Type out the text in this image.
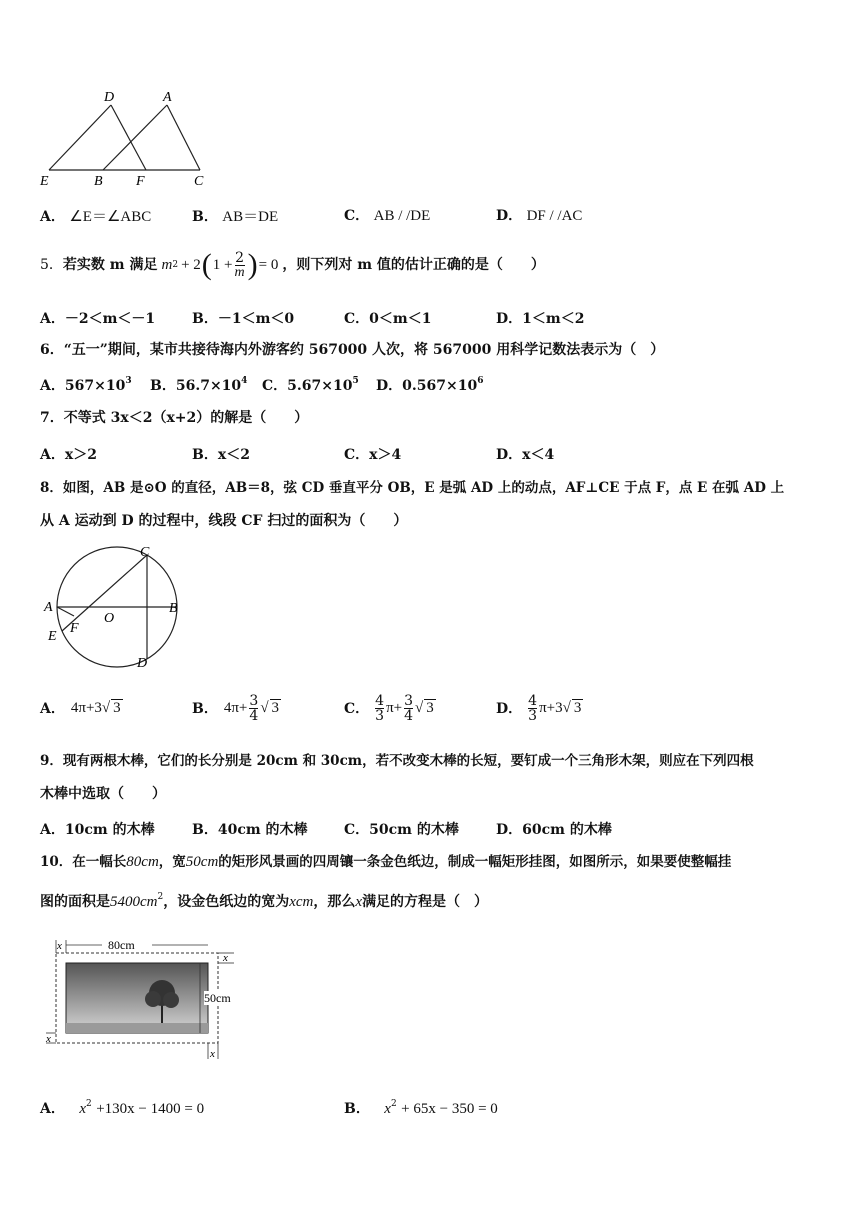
D	A
E	B F	C
A． ∠E＝∠ABC	B． AB＝DE	C． AB / /DE	D． DF / /AC
5． 若实数 m 满足 m 2 + 2 ( $1 + \frac{2}{m}$ ) = 0 ，则下列对 m 值的估计正确的是（　　）
A．－2＜m＜－1	B．－1＜m＜0	C．0＜m＜1	D．1＜m＜2
6．“五一”期间，某市共接待海内外游客约 567000 人次，将 567000 用科学记数法表示为（　）
A．$567\times 10^3$ B．$56.7\times 10^4$ C．$5.67\times 10^5$ D．$0.567\times 10^6$
7．不等式 3x＜2（x+2）的解是（　　）
A．x＞2	B．x＜2	C．x＞4	D．x＜4
8．如图，AB 是⊙O 的直径，AB＝8，弦 CD 垂直平分 OB，E 是弧 AD 上的动点，AF⊥CE 于点 F，点 E 在弧 AD 上
从 A 运动到 D 的过程中，线段 CF 扫过的面积为（　　）
C
A
O
B
E
F
D
A． 4π+3 √ 3	B． $4\pi+ \frac{3}{4}$ √ 3	C． $\frac{4}{3} \pi+ \frac{3}{4}$ √ 3	D． $\frac{4}{3} \pi+3$ √ 3
9．现有两根木棒，它们的长分别是 20cm 和 30cm，若不改变木棒的长短，要钉成一个三角形木架，则应在下列四根
木棒中选取（　　）
A．10cm 的木棒	B．40cm 的木棒	C．50cm 的木棒	D．60cm 的木棒
10．在一幅长80cm，宽50cm的矩形风景画的四周镶一条金色纸边，制成一幅矩形挂图，如图所示，如果要使整幅挂
图的面积是$5400cm^2$，设金色纸边的宽为xcm，那么x满足的方程是（　）
x	80cm
x
50cm
x
x
A． $x^2 +130x - 1400 = 0$	B． $x^2 + 65x - 350 = 0$
